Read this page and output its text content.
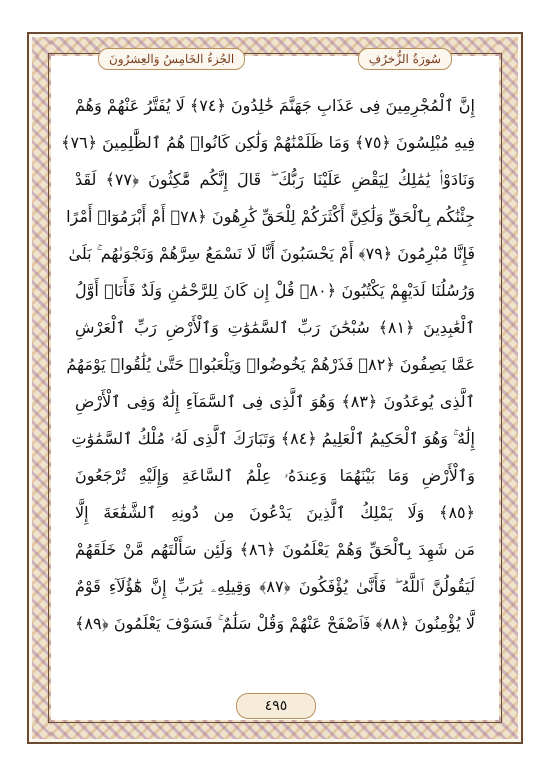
الجُزءُ الخَامِسُ وَالعِشرُونَ	سُورَةُ الزُّخرُفِ
إِنَّ ٱلْمُجْرِمِينَ فِى عَذَابِ جَهَنَّمَ خَٰلِدُونَ ﴿٧٤﴾ لَا يُفَتَّرُ عَنْهُمْ وَهُمْ
فِيهِ مُبْلِسُونَ ﴿٧٥﴾ وَمَا ظَلَمْنَٰهُمْ وَلَٰكِن كَانُوا۟ هُمُ ٱلظَّٰلِمِينَ ﴿٧٦﴾
وَنَادَوْا۟ يَٰمَٰلِكُ لِيَقْضِ عَلَيْنَا رَبُّكَ ۖ قَالَ إِنَّكُم مَّٰكِثُونَ ﴿٧٧﴾ لَقَدْ
جِئْنَٰكُم بِٱلْحَقِّ وَلَٰكِنَّ أَكْثَرَكُمْ لِلْحَقِّ كَٰرِهُونَ ﴿٧٨﴾ أَمْ أَبْرَمُوٓا۟ أَمْرًا
فَإِنَّا مُبْرِمُونَ ﴿٧٩﴾ أَمْ يَحْسَبُونَ أَنَّا لَا نَسْمَعُ سِرَّهُمْ وَنَجْوَىٰهُم ۚ بَلَىٰ
وَرُسُلُنَا لَدَيْهِمْ يَكْتُبُونَ ﴿٨٠﴾ قُلْ إِن كَانَ لِلرَّحْمَٰنِ وَلَدٌ فَأَنَا۠ أَوَّلُ
ٱلْعَٰبِدِينَ ﴿٨١﴾ سُبْحَٰنَ رَبِّ ٱلسَّمَٰوَٰتِ وَٱلْأَرْضِ رَبِّ ٱلْعَرْشِ
عَمَّا يَصِفُونَ ﴿٨٢﴾ فَذَرْهُمْ يَخُوضُوا۟ وَيَلْعَبُوا۟ حَتَّىٰ يُلَٰقُوا۟ يَوْمَهُمُ
ٱلَّذِى يُوعَدُونَ ﴿٨٣﴾ وَهُوَ ٱلَّذِى فِى ٱلسَّمَآءِ إِلَٰهٌ وَفِى ٱلْأَرْضِ
إِلَٰهٌ ۚ وَهُوَ ٱلْحَكِيمُ ٱلْعَلِيمُ ﴿٨٤﴾ وَتَبَارَكَ ٱلَّذِى لَهُۥ مُلْكُ ٱلسَّمَٰوَٰتِ
وَٱلْأَرْضِ وَمَا بَيْنَهُمَا وَعِندَهُۥ عِلْمُ ٱلسَّاعَةِ وَإِلَيْهِ تُرْجَعُونَ
﴿٨٥﴾ وَلَا يَمْلِكُ ٱلَّذِينَ يَدْعُونَ مِن دُونِهِ ٱلشَّفَٰعَةَ إِلَّا
مَن شَهِدَ بِٱلْحَقِّ وَهُمْ يَعْلَمُونَ ﴿٨٦﴾ وَلَئِن سَأَلْتَهُم مَّنْ خَلَقَهُمْ
لَيَقُولُنَّ ٱللَّهُ ۖ فَأَنَّىٰ يُؤْفَكُونَ ﴿٨٧﴾ وَقِيلِهِۦ يَٰرَبِّ إِنَّ هَٰٓؤُلَآءِ قَوْمٌ
لَّا يُؤْمِنُونَ ﴿٨٨﴾ فَٱصْفَحْ عَنْهُمْ وَقُلْ سَلَٰمٌ ۚ فَسَوْفَ يَعْلَمُونَ ﴿٨٩﴾
٤٩٥
